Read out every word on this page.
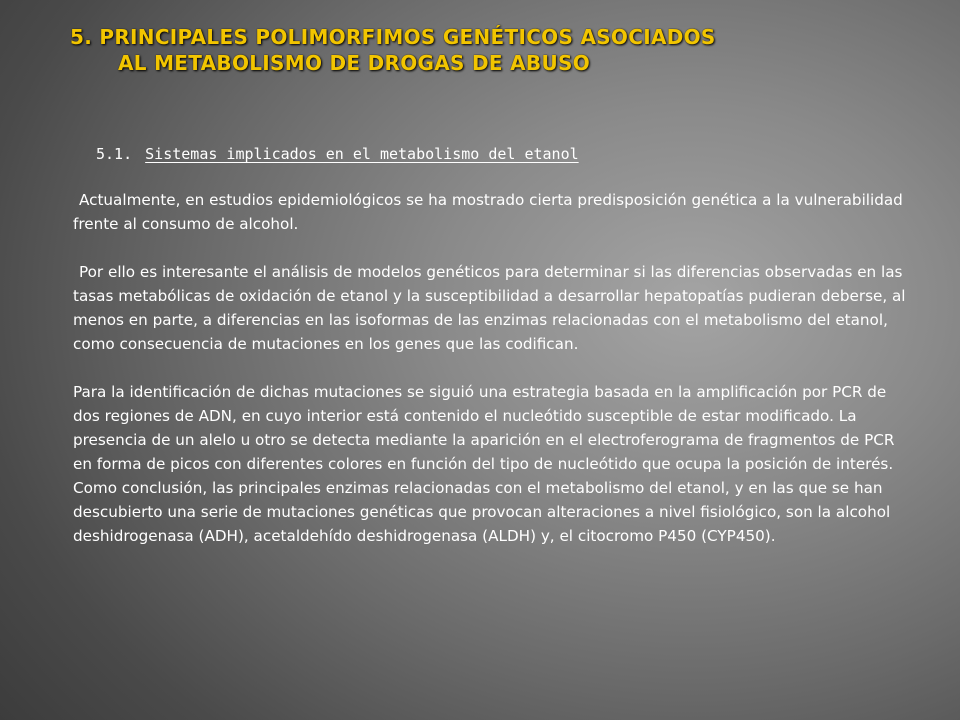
5. PRINCIPALES POLIMORFIMOS GENÉTICOS ASOCIADOS
AL METABOLISMO DE DROGAS DE ABUSO
5.1. Sistemas implicados en el metabolismo del etanol

Actualmente, en estudios epidemiológicos se ha mostrado cierta predisposición genética a la vulnerabilidad frente al consumo de alcohol.

Por ello es interesante el análisis de modelos genéticos para determinar si las diferencias observadas en las tasas metabólicas de oxidación de etanol y la susceptibilidad a desarrollar hepatopatías pudieran deberse, al menos en parte, a diferencias en las isoformas de las enzimas relacionadas con el metabolismo del etanol, como consecuencia de mutaciones en los genes que las codifican.

Para la identificación de dichas mutaciones se siguió una estrategia basada en la amplificación por PCR de dos regiones de ADN, en cuyo interior está contenido el nucleótido susceptible de estar modificado. La presencia de un alelo u otro se detecta mediante la aparición en el electroferograma de fragmentos de PCR en forma de picos con diferentes colores en función del tipo de nucleótido que ocupa la posición de interés. Como conclusión, las principales enzimas relacionadas con el metabolismo del etanol, y en las que se han descubierto una serie de mutaciones genéticas que provocan alteraciones a nivel fisiológico, son la alcohol deshidrogenasa (ADH), acetaldehído deshidrogenasa (ALDH) y, el citocromo P450 (CYP450).
